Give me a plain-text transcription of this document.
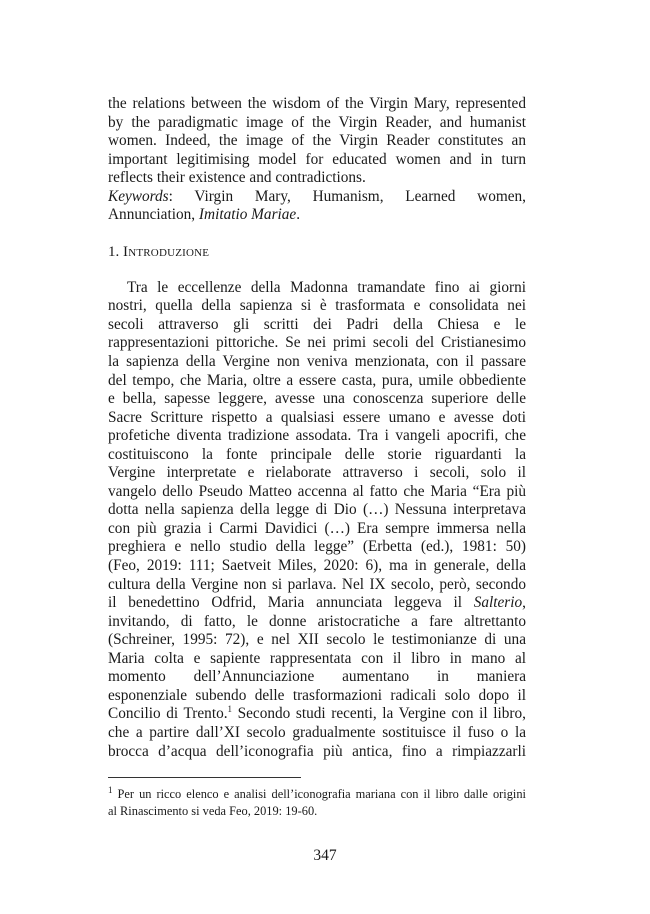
the relations between the wisdom of the Virgin Mary, represented
by the paradigmatic image of the Virgin Reader, and humanist
women. Indeed, the image of the Virgin Reader constitutes an
important legitimising model for educated women and in turn
reflects their existence and contradictions.
Keywords: Virgin Mary, Humanism, Learned women,
Annunciation, Imitatio Mariae.
1. Introduzione
Tra le eccellenze della Madonna tramandate fino ai giorni
nostri, quella della sapienza si è trasformata e consolidata nei
secoli attraverso gli scritti dei Padri della Chiesa e le
rappresentazioni pittoriche. Se nei primi secoli del Cristianesimo
la sapienza della Vergine non veniva menzionata, con il passare
del tempo, che Maria, oltre a essere casta, pura, umile obbediente
e bella, sapesse leggere, avesse una conoscenza superiore delle
Sacre Scritture rispetto a qualsiasi essere umano e avesse doti
profetiche diventa tradizione assodata. Tra i vangeli apocrifi, che
costituiscono la fonte principale delle storie riguardanti la
Vergine interpretate e rielaborate attraverso i secoli, solo il
vangelo dello Pseudo Matteo accenna al fatto che Maria “Era più
dotta nella sapienza della legge di Dio (…) Nessuna interpretava
con più grazia i Carmi Davidici (…) Era sempre immersa nella
preghiera e nello studio della legge” (Erbetta (ed.), 1981: 50)
(Feo, 2019: 111; Saetveit Miles, 2020: 6), ma in generale, della
cultura della Vergine non si parlava. Nel IX secolo, però, secondo
il benedettino Odfrid, Maria annunciata leggeva il Salterio,
invitando, di fatto, le donne aristocratiche a fare altrettanto
(Schreiner, 1995: 72), e nel XII secolo le testimonianze di una
Maria colta e sapiente rappresentata con il libro in mano al
momento dell’Annunciazione aumentano in maniera
esponenziale subendo delle trasformazioni radicali solo dopo il
Concilio di Trento.$^1$ Secondo studi recenti, la Vergine con il libro,
che a partire dall’XI secolo gradualmente sostituisce il fuso o la
brocca d’acqua dell’iconografia più antica, fino a rimpiazzarli
$^1$ Per un ricco elenco e analisi dell’iconografia mariana con il libro dalle origini
al Rinascimento si veda Feo, 2019: 19-60.
347
